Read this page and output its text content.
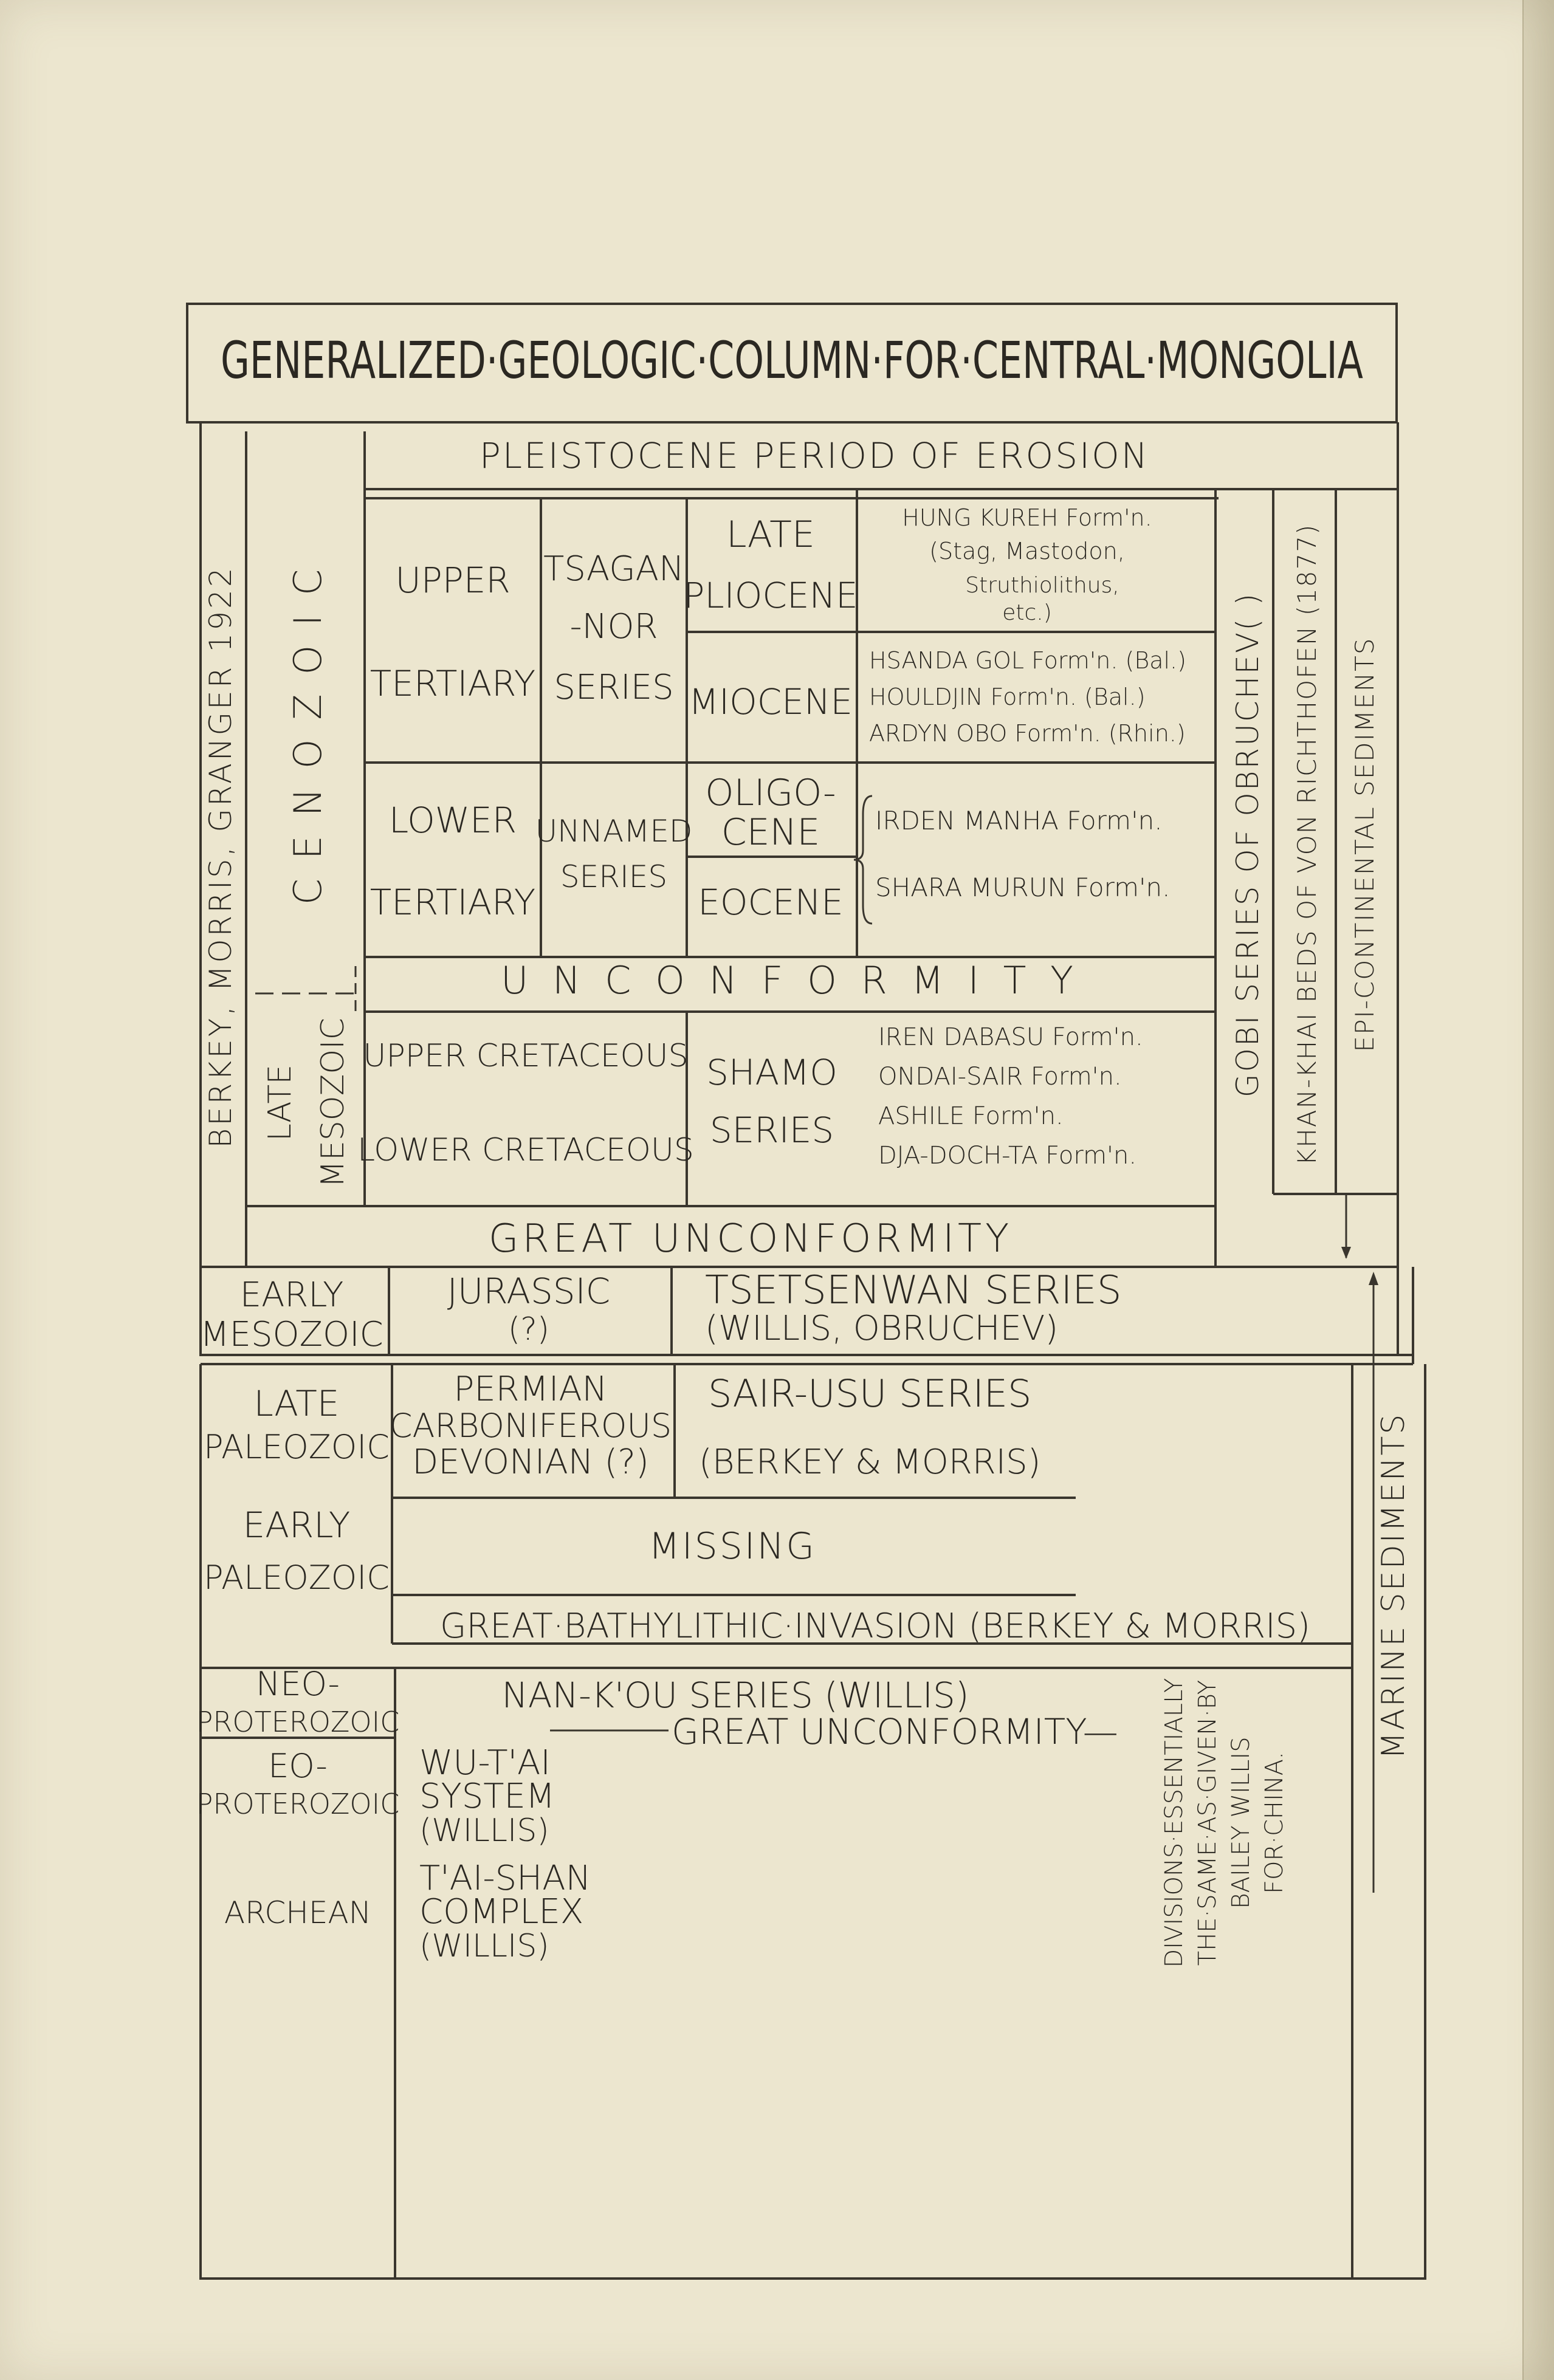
GENERALIZED·GEOLOGIC·COLUMN·FOR·CENTRAL·MONGOLIA
BERKEY, MORRIS, GRANGER 1922 C E N O Z O I C
LATE MESOZOIC
GOBI SERIES OF OBRUCHEV( ) KHAN-KHAI BEDS OF VON RICHTHOFEN (1877) EPI-CONTINENTAL SEDIMENTS
MARINE SEDIMENTS
DIVISIONS·ESSENTIALLY THE·SAME·AS·GIVEN·BY BAILEY WILLIS FOR·CHINA.
PLEISTOCENE PERIOD OF EROSION
UPPER
TERTIARY
TSAGAN
-NOR
SERIES
LATE
PLIOCENE
HUNG KUREH Form'n.
(Stag, Mastodon,
Struthiolithus,
etc.)
MIOCENE
HSANDA GOL Form'n. (Bal.)
HOULDJIN Form'n. (Bal.)
ARDYN OBO Form'n. (Rhin.)
LOWER
TERTIARY
UNNAMED
SERIES
OLIGO-
CENE
EOCENE
IRDEN MANHA Form'n.
SHARA MURUN Form'n.
U N C O N F O R M I T Y
UPPER CRETACEOUS
LOWER CRETACEOUS
SHAMO
SERIES
IREN DABASU Form'n.
ONDAI-SAIR Form'n.
ASHILE Form'n.
DJA-DOCH-TA Form'n.
GREAT UNCONFORMITY
EARLY
MESOZOIC
JURASSIC
(?)
TSETSENWAN SERIES
(WILLIS, OBRUCHEV)
LATE
PALEOZOIC
PERMIAN
CARBONIFEROUS
DEVONIAN (?)
SAIR-USU SERIES
(BERKEY & MORRIS)
EARLY
PALEOZOIC
MISSING
GREAT·BATHYLITHIC·INVASION (BERKEY & MORRIS)
NEO-
PROTEROZOIC
EO-
PROTEROZOIC
ARCHEAN
NAN-K'OU SERIES (WILLIS)
GREAT UNCONFORMITY—
WU-T'AI
SYSTEM
(WILLIS)
T'AI-SHAN
COMPLEX
(WILLIS)
